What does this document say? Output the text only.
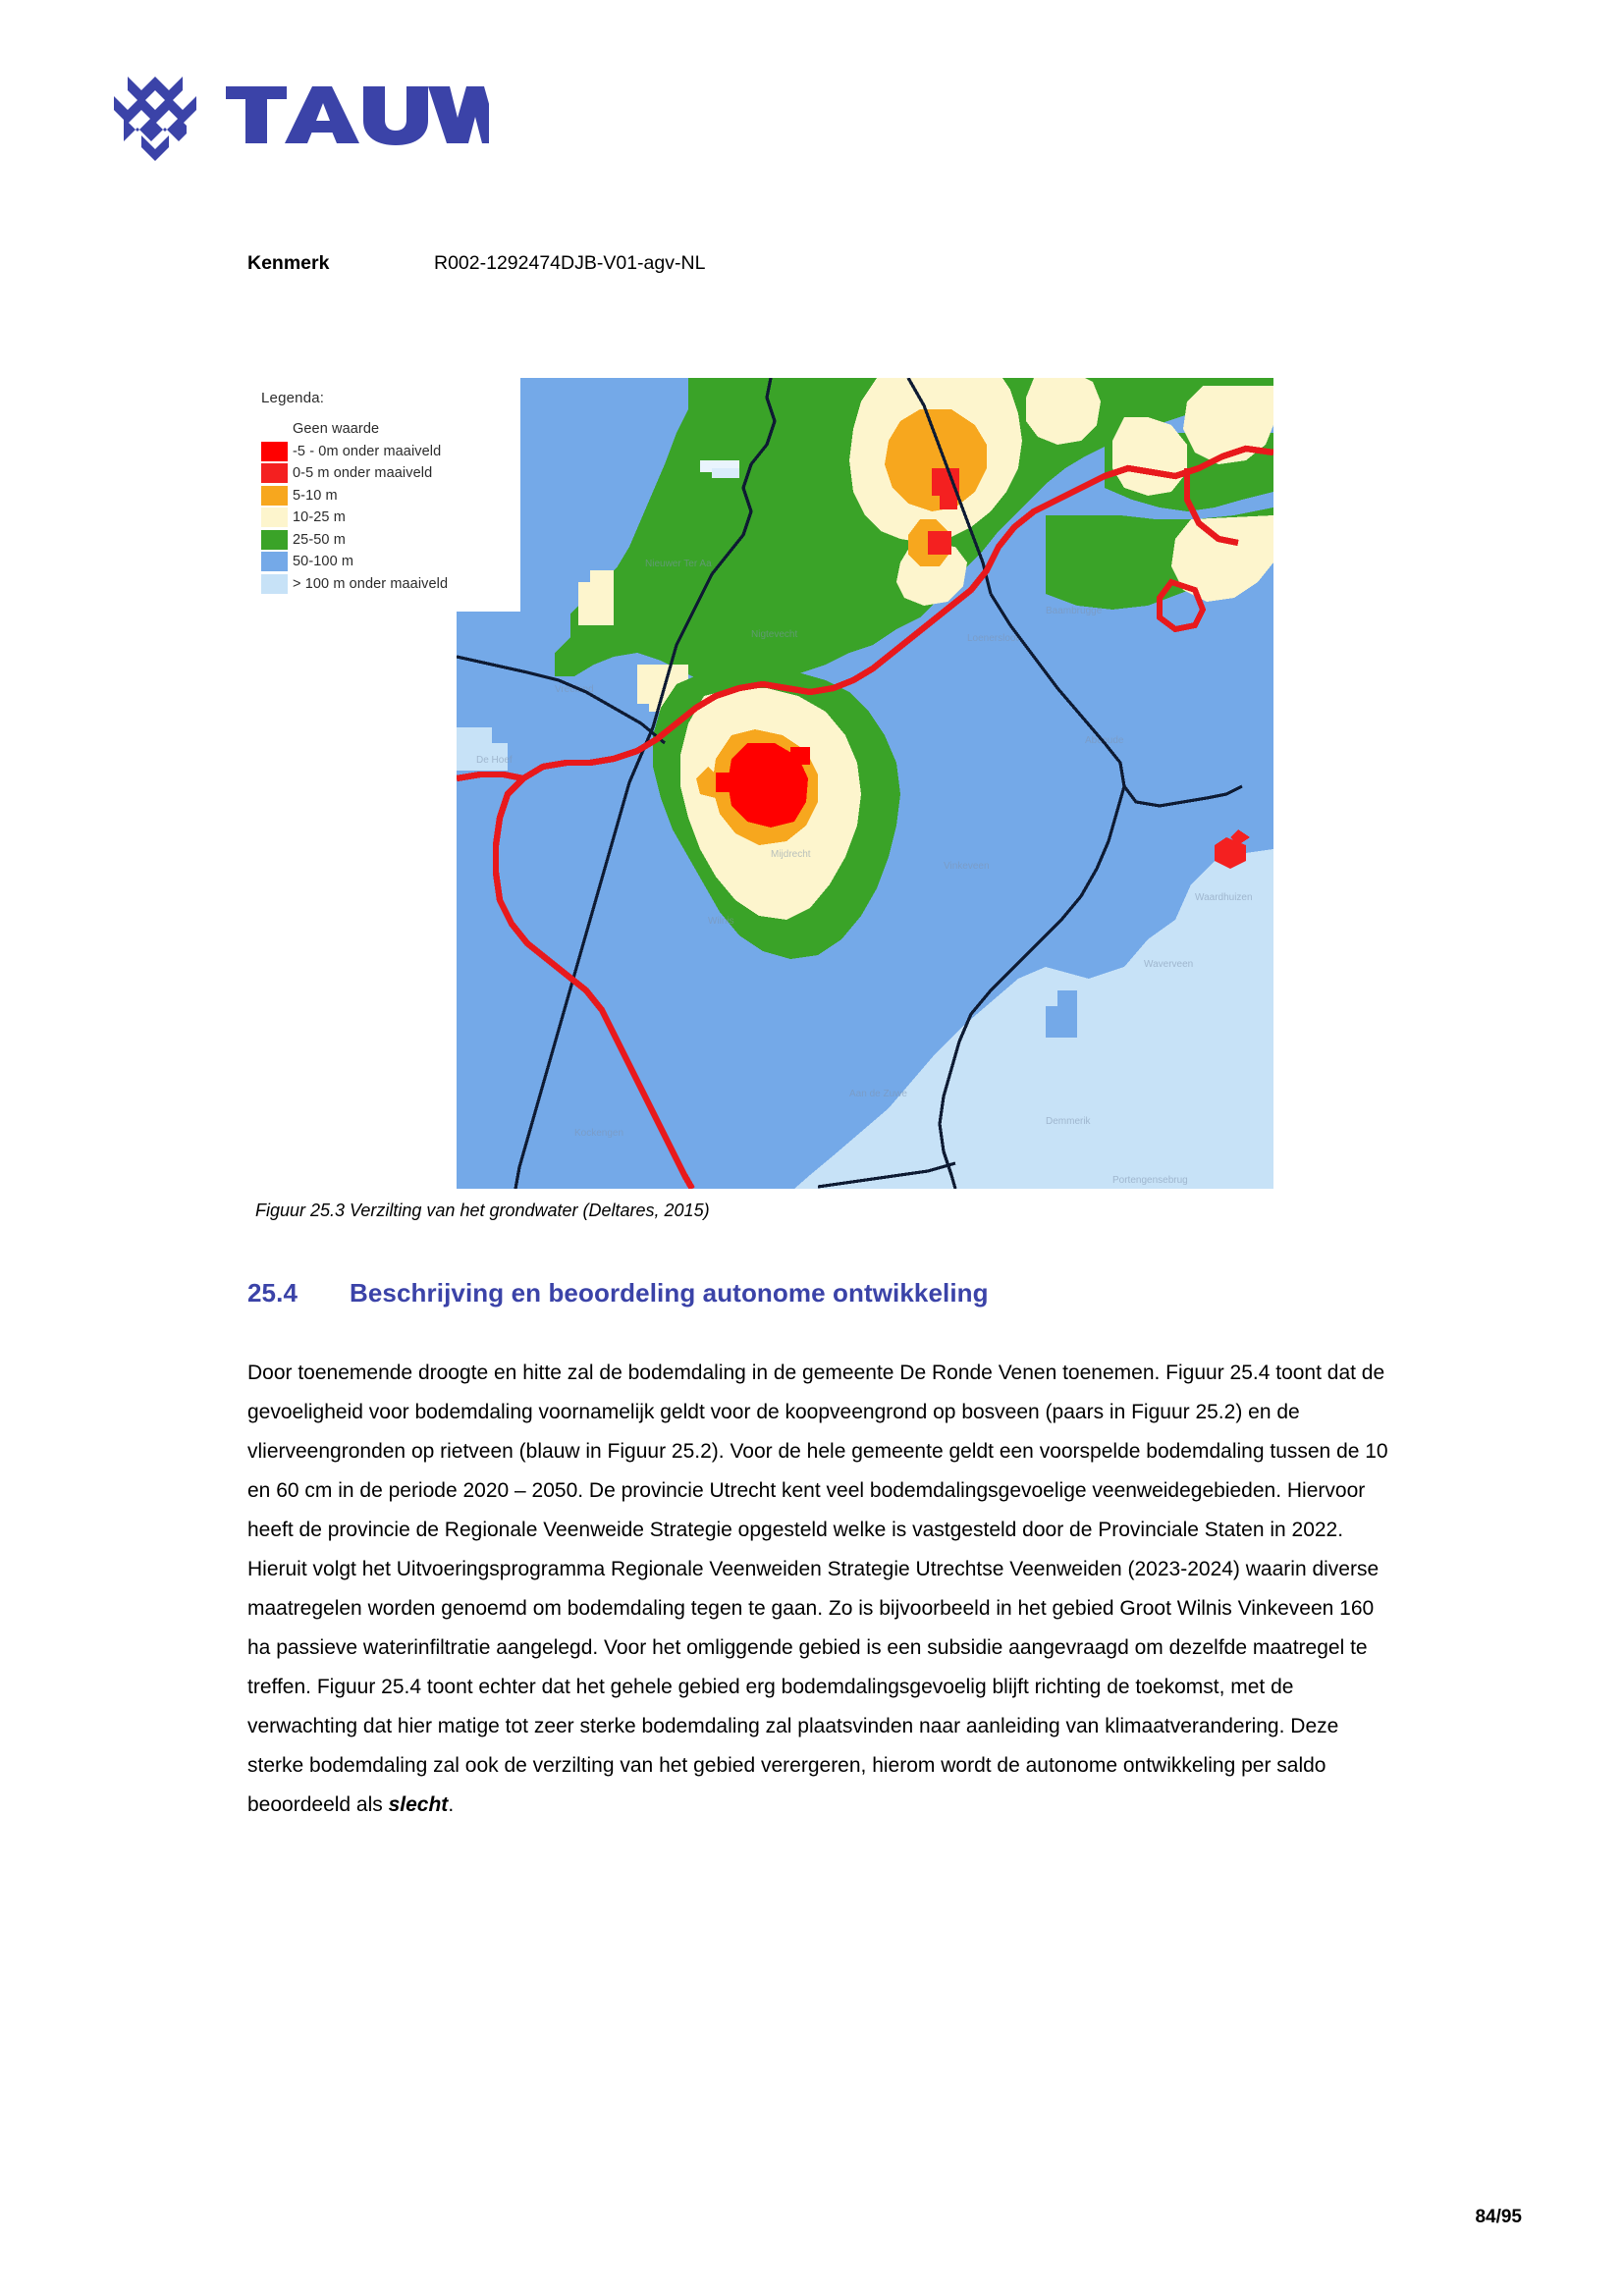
Kenmerk	R002-1292474DJB-V01-agv-NL
Nieuwer Ter Aa
Vreeland
Mijdrecht
Wilnis
Vinkeveen
Abcoude
Baambrugge
Waverveen
Aan de Zuwe
Kockengen
Demmerik
Portengensebrug
De Hoef
Loenersloot
Nigtevecht
Waardhuizen
Legenda:
Geen waarde
-5 - 0m onder maaiveld
0-5 m onder maaiveld
5-10 m
10-25 m
25-50 m
50-100 m
> 100 m onder maaiveld
Figuur 25.3 Verzilting van het grondwater (Deltares, 2015)
25.4	Beschrijving en beoordeling autonome ontwikkeling

Door toenemende droogte en hitte zal de bodemdaling in de gemeente De Ronde Venen toenemen. Figuur 25.4 toont dat de gevoeligheid voor bodemdaling voornamelijk geldt voor de koopveengrond op bosveen (paars in Figuur 25.2) en de vlierveengronden op rietveen (blauw in Figuur 25.2). Voor de hele gemeente geldt een voorspelde bodemdaling tussen de 10 en 60 cm in de periode 2020 – 2050. De provincie Utrecht kent veel bodemdalingsgevoelige veenweidegebieden. Hiervoor heeft de provincie de Regionale Veenweide Strategie opgesteld welke is vastgesteld door de Provinciale Staten in 2022. Hieruit volgt het Uitvoeringsprogramma Regionale Veenweiden Strategie Utrechtse Veenweiden (2023-2024) waarin diverse maatregelen worden genoemd om bodemdaling tegen te gaan. Zo is bijvoorbeeld in het gebied Groot Wilnis Vinkeveen 160 ha passieve waterinfiltratie aangelegd. Voor het omliggende gebied is een subsidie aangevraagd om dezelfde maatregel te treffen. Figuur 25.4 toont echter dat het gehele gebied erg bodemdalingsgevoelig blijft richting de toekomst, met de verwachting dat hier matige tot zeer sterke bodemdaling zal plaatsvinden naar aanleiding van klimaatverandering. Deze sterke bodemdaling zal ook de verzilting van het gebied verergeren, hierom wordt de autonome ontwikkeling per saldo beoordeeld als slecht.

84/95
